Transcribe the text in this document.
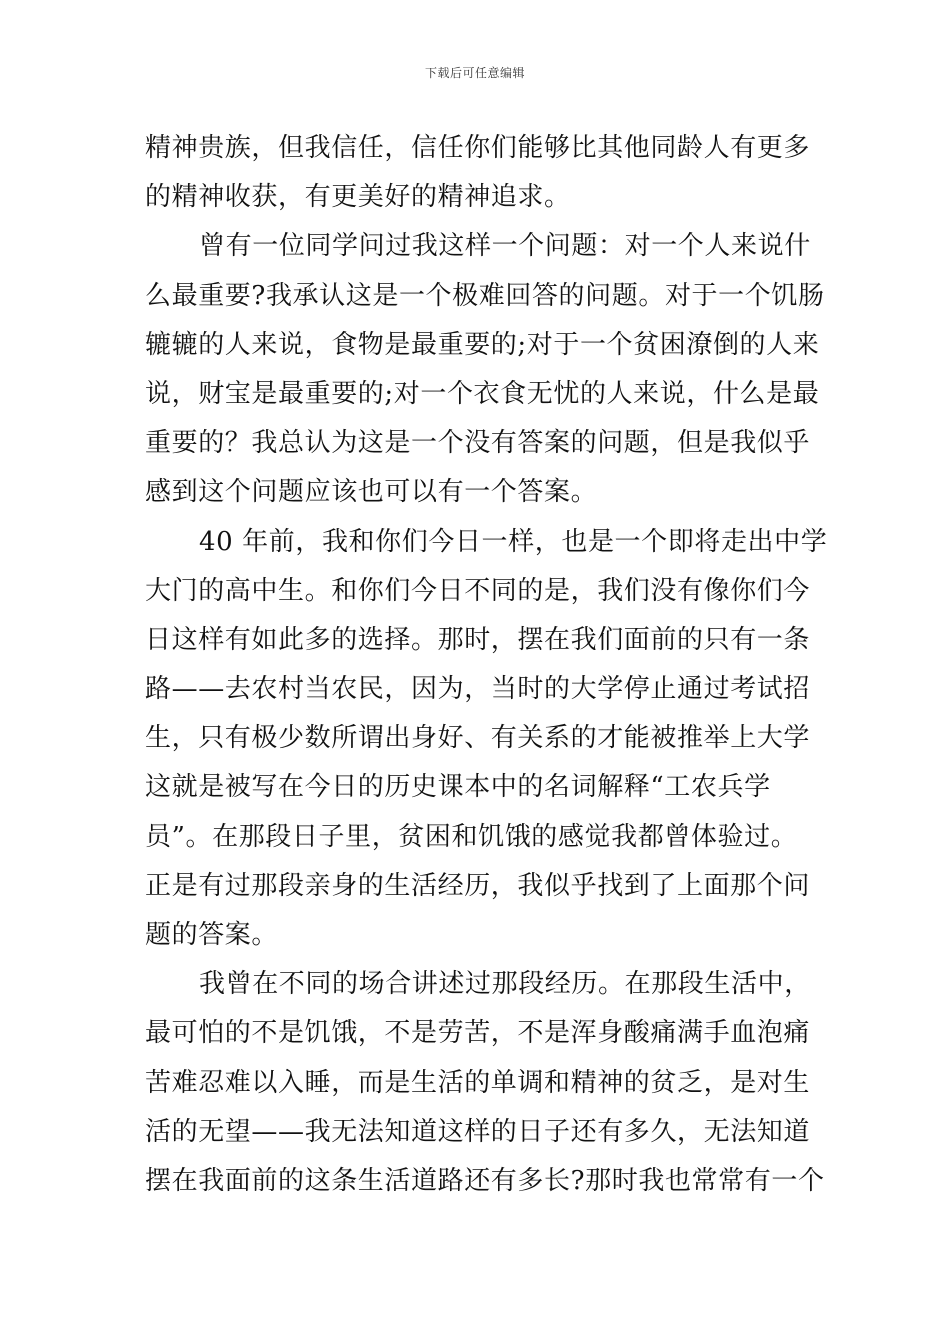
下载后可任意编辑
精神贵族，但我信任，信任你们能够比其他同龄人有更多
的精神收获，有更美好的精神追求。
曾有一位同学问过我这样一个问题：对一个人来说什
么最重要?我承认这是一个极难回答的问题。对于一个饥肠
辘辘的人来说，食物是最重要的;对于一个贫困潦倒的人来
说，财宝是最重要的;对一个衣食无忧的人来说，什么是最
重要的？我总认为这是一个没有答案的问题，但是我似乎
感到这个问题应该也可以有一个答案。
40 年前，我和你们今日一样，也是一个即将走出中学
大门的高中生。和你们今日不同的是，我们没有像你们今
日这样有如此多的选择。那时，摆在我们面前的只有一条
路——去农村当农民，因为，当时的大学停止通过考试招
生，只有极少数所谓出身好、有关系的才能被推举上大学
这就是被写在今日的历史课本中的名词解释“工农兵学
员”。在那段日子里，贫困和饥饿的感觉我都曾体验过。
正是有过那段亲身的生活经历，我似乎找到了上面那个问
题的答案。
我曾在不同的场合讲述过那段经历。在那段生活中，
最可怕的不是饥饿，不是劳苦，不是浑身酸痛满手血泡痛
苦难忍难以入睡，而是生活的单调和精神的贫乏，是对生
活的无望——我无法知道这样的日子还有多久，无法知道
摆在我面前的这条生活道路还有多长?那时我也常常有一个
